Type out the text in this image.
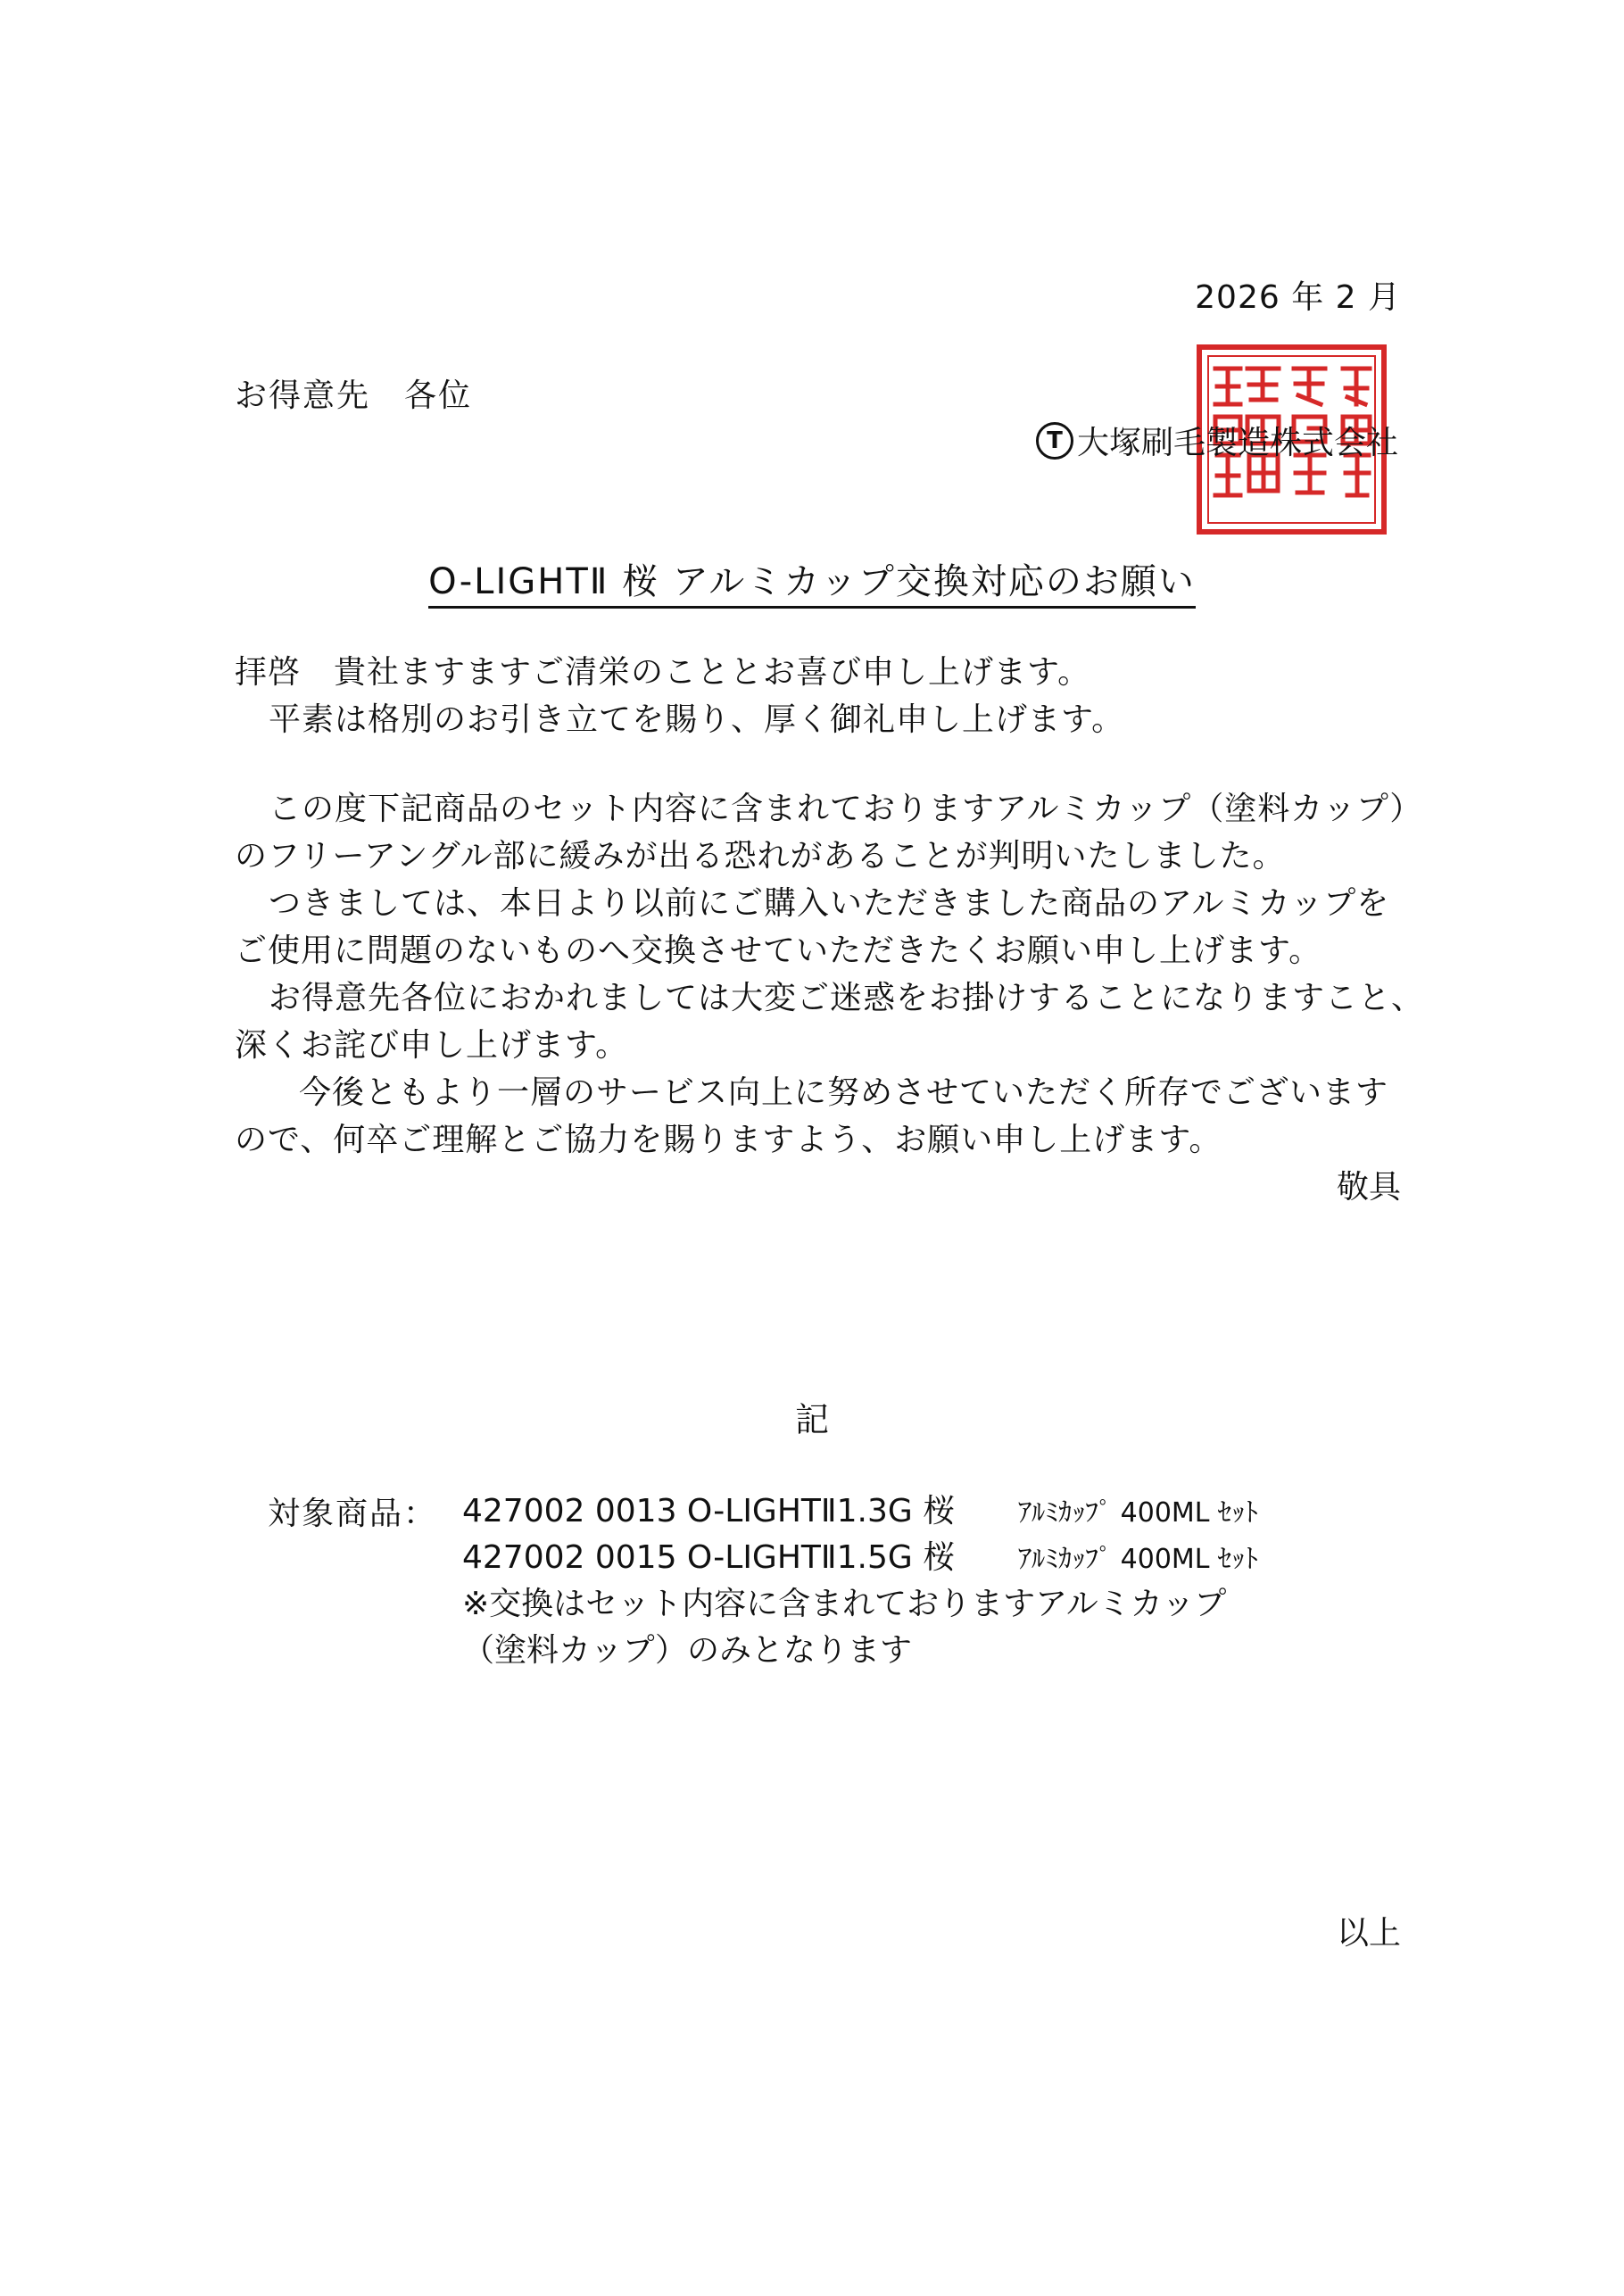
2026 年 2 月
お得意先　各位
T 大塚刷毛製造株式会社
O-LIGHTⅡ 桜 アルミカップ交換対応のお願い
拝啓　貴社ますますご清栄のこととお喜び申し上げます。
平素は格別のお引き立てを賜り、厚く御礼申し上げます。
この度下記商品のセット内容に含まれておりますアルミカップ（塗料カップ）
のフリーアングル部に緩みが出る恐れがあることが判明いたしました。
つきましては、本日より以前にご購入いただきました商品のアルミカップを
ご使用に問題のないものへ交換させていただきたくお願い申し上げます。
お得意先各位におかれましては大変ご迷惑をお掛けすることになりますこと、
深くお詫び申し上げます。
今後ともより一層のサービス向上に努めさせていただく所存でございます
ので、何卒ご理解とご協力を賜りますよう、お願い申し上げます。
敬具
記
対象商品： 427002 0013 O-LIGHTⅡ1.3G 桜 ｱﾙﾐｶｯﾌﾟ 400ML ｾｯﾄ
427002 0015 O-LIGHTⅡ1.5G 桜 ｱﾙﾐｶｯﾌﾟ 400ML ｾｯﾄ
※交換はセット内容に含まれておりますアルミカップ
（塗料カップ）のみとなります
以上
